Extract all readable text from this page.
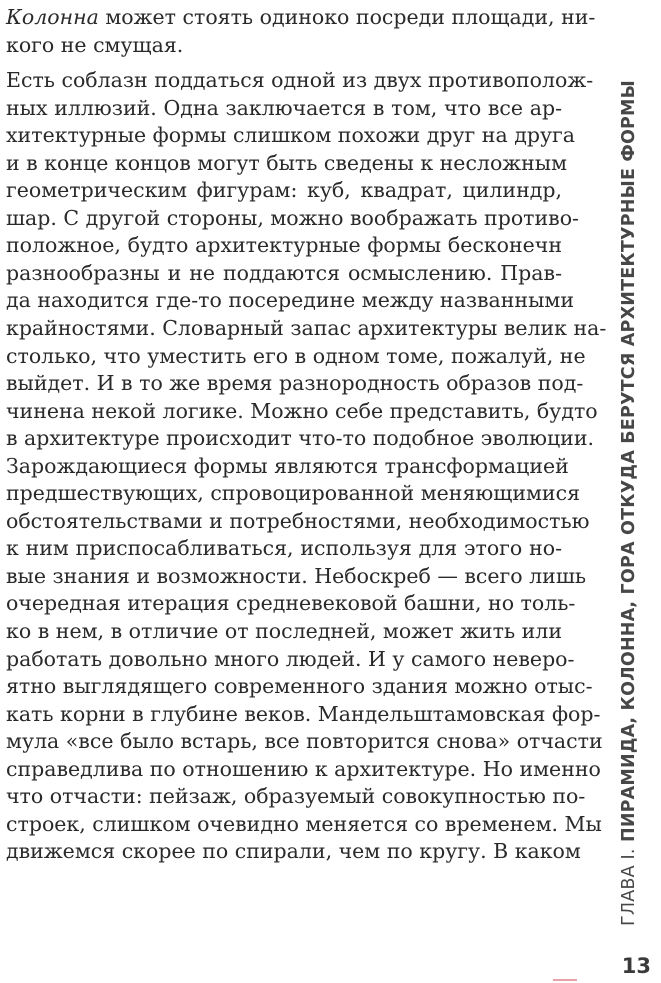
Колонна может стоять одиноко посреди площади, ни-
кого не смущая.
Есть соблазн поддаться одной из двух противополож-
ных иллюзий. Одна заключается в том, что все ар-
хитектурные формы слишком похожи друг на друга
и в конце концов могут быть сведены к несложным
геометрическим фигурам: куб, квадрат, цилиндр,
шар. С другой стороны, можно воображать противо-
положное, будто архитектурные формы бесконечн
разнообразны и не поддаются осмыслению. Прав-
да находится где-то посередине между названными
крайностями. Словарный запас архитектуры велик на-
столько, что уместить его в одном томе, пожалуй, не
выйдет. И в то же время разнородность образов под-
чинена некой логике. Можно себе представить, будто
в архитектуре происходит что-то подобное эволюции.
Зарождающиеся формы являются трансформацией
предшествующих, спровоцированной меняющимися
обстоятельствами и потребностями, необходимостью
к ним приспосабливаться, используя для этого но-
вые знания и возможности. Небоскреб — всего лишь
очередная итерация средневековой башни, но толь-
ко в нем, в отличие от последней, может жить или
работать довольно много людей. И у самого неверо-
ятно выглядящего современного здания можно отыс-
кать корни в глубине веков. Мандельштамовская фор-
мула «все было встарь, все повторится снова» отчасти
справедлива по отношению к архитектуре. Но именно
что отчасти: пейзаж, образуемый совокупностью по-
строек, слишком очевидно меняется со временем. Мы
движемся скорее по спирали, чем по кругу. В каком	ГЛАВА I. ПИРАМИДА, КОЛОННА, ГОРА ОТКУДА БЕРУТСЯ АРХИТЕКТУРНЫЕ ФОРМЫ
13
